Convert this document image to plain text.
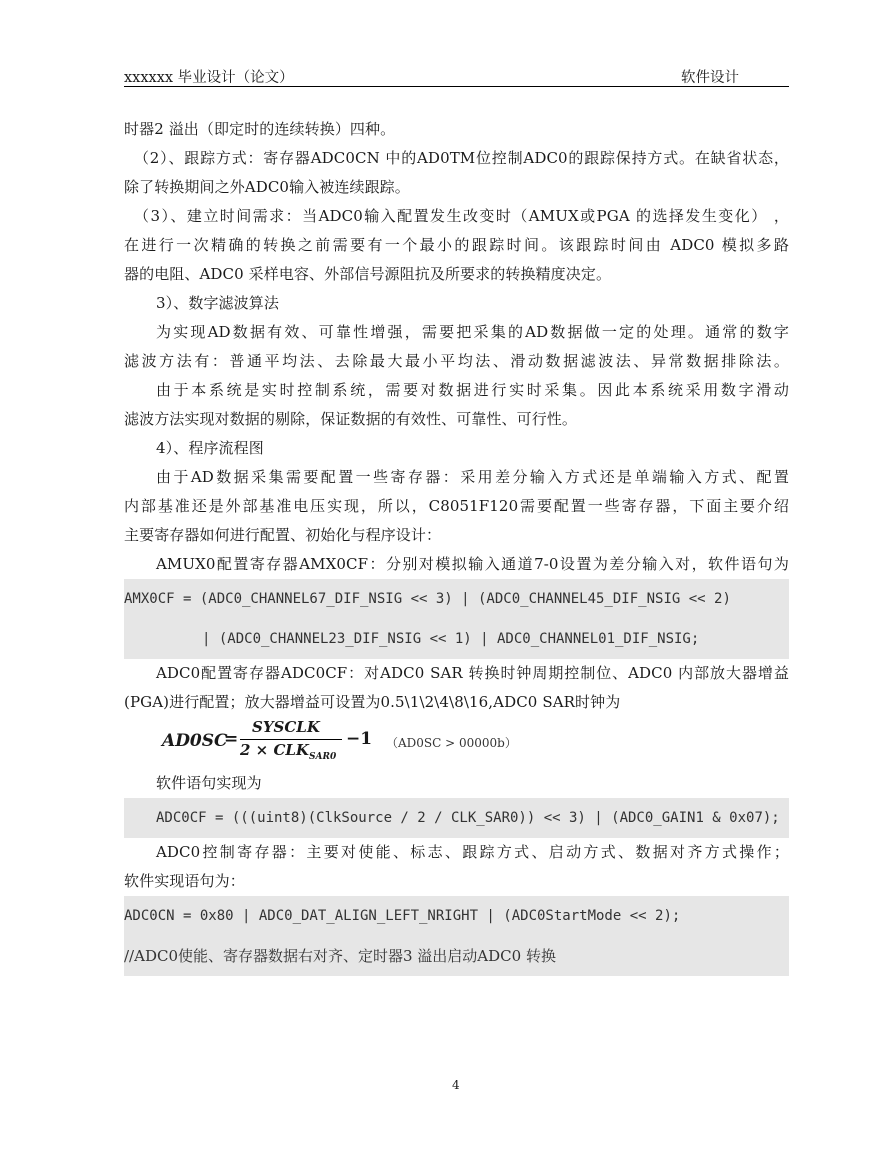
xxxxxx 毕业设计（论文）	软件设计
时器2 溢出（即定时的连续转换）四种。
（2）、跟踪方式：寄存器ADC0CN 中的AD0TM位控制ADC0的跟踪保持方式。在缺省状态，
除了转换期间之外ADC0输入被连续跟踪。
（3）、建立时间需求：当ADC0输入配置发生改变时（AMUX或PGA 的选择发生变化） ，
在进行一次精确的转换之前需要有一个最小的跟踪时间。该跟踪时间由 ADC0 模拟多路
器的电阻、ADC0 采样电容、外部信号源阻抗及所要求的转换精度决定。
3）、数字滤波算法
为实现AD数据有效、可靠性增强，需要把采集的AD数据做一定的处理。通常的数字
滤波方法有：普通平均法、去除最大最小平均法、滑动数据滤波法、异常数据排除法。
由于本系统是实时控制系统，需要对数据进行实时采集。因此本系统采用数字滑动
滤波方法实现对数据的剔除，保证数据的有效性、可靠性、可行性。
4）、程序流程图
由于AD数据采集需要配置一些寄存器：采用差分输入方式还是单端输入方式、配置
内部基准还是外部基准电压实现，所以，C8051F120需要配置一些寄存器，下面主要介绍
主要寄存器如何进行配置、初始化与程序设计：
AMUX0配置寄存器AMX0CF：分别对模拟输入通道7-0设置为差分输入对，软件语句为
AMX0CF = (ADC0_CHANNEL67_DIF_NSIG << 3) | (ADC0_CHANNEL45_DIF_NSIG << 2)
| (ADC0_CHANNEL23_DIF_NSIG << 1) | ADC0_CHANNEL01_DIF_NSIG;
ADC0配置寄存器ADC0CF：对ADC0 SAR 转换时钟周期控制位、ADC0 内部放大器增益
(PGA)进行配置；放大器增益可设置为0.5\1\2\4\8\16,ADC0 SAR时钟为
AD0SC
=
SYSCLK
$2 \times CLK_{SAR0}$
−1 （AD0SC > 00000b）
软件语句实现为
ADC0CF = (((uint8)(ClkSource / 2 / CLK_SAR0)) << 3) | (ADC0_GAIN1 & 0x07);
ADC0控制寄存器：主要对使能、标志、跟踪方式、启动方式、数据对齐方式操作；
软件实现语句为：
ADC0CN = 0x80 | ADC0_DAT_ALIGN_LEFT_NRIGHT | (ADC0StartMode << 2);
//ADC0使能、寄存器数据右对齐、定时器3 溢出启动ADC0 转换
4
